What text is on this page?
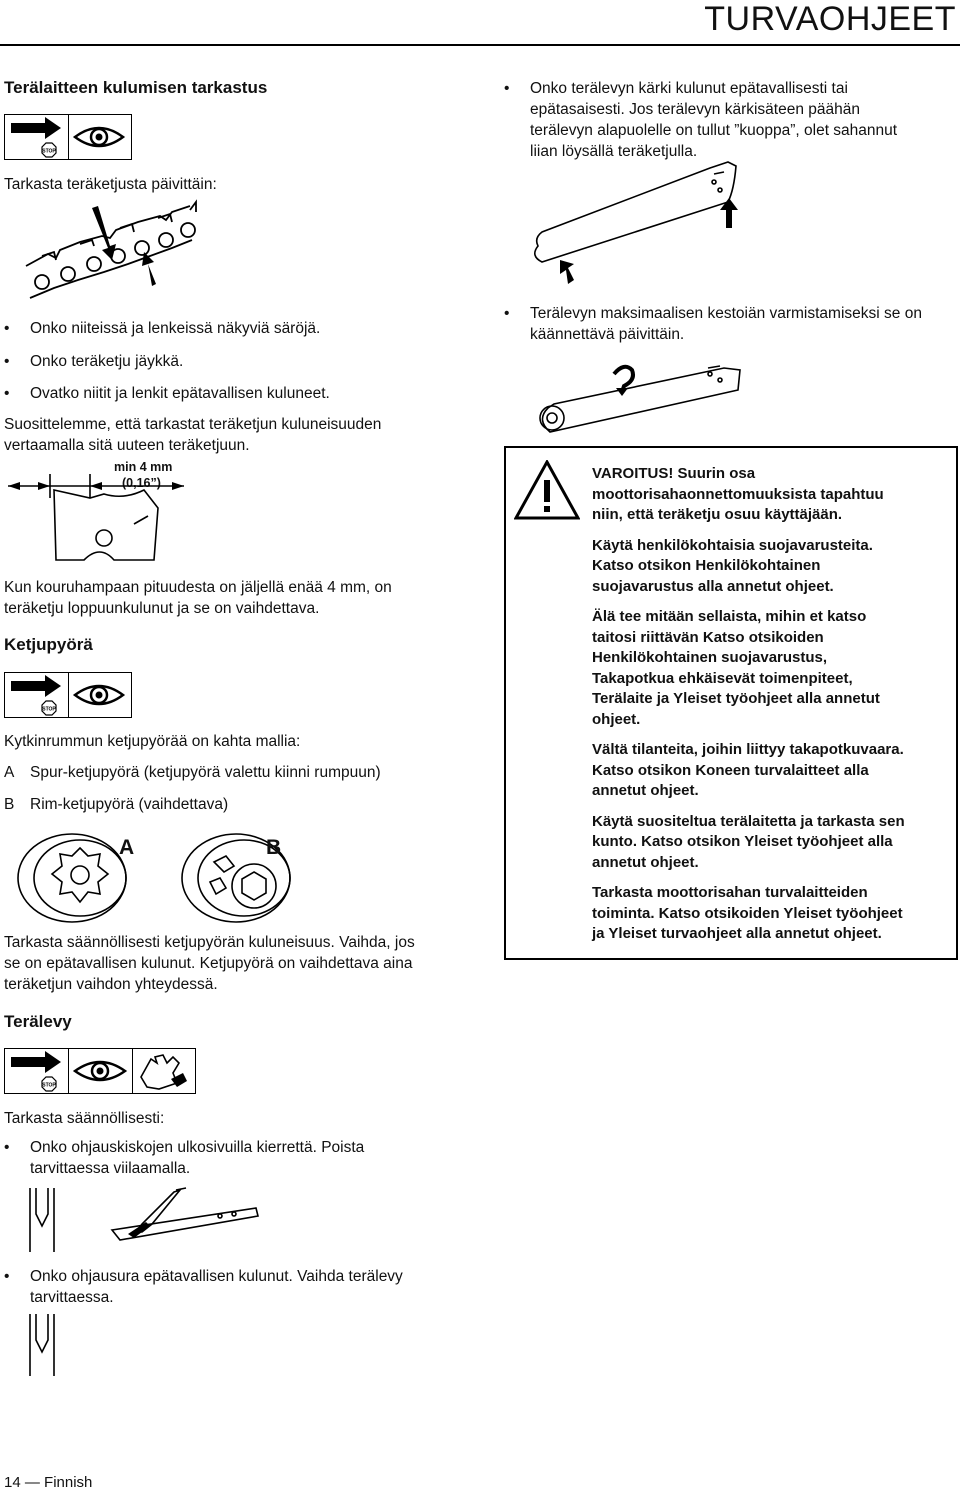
TURVAOHJEET
Terälaitteen kulumisen tarkastus
STOP
Tarkasta teräketjusta päivittäin:
• Onko niiteissä ja lenkeissä näkyviä säröjä.
• Onko teräketju jäykkä.
• Ovatko niitit ja lenkit epätavallisen kuluneet.
Suosittelemme, että tarkastat teräketjun kuluneisuuden
vertaamalla sitä uuteen teräketjuun.
min 4 mm
(0,16”)
Kun kouruhampaan pituudesta on jäljellä enää 4 mm, on
teräketju loppuunkulunut ja se on vaihdettava.
Ketjupyörä
STOP
Kytkinrummun ketjupyörää on kahta mallia:
A Spur-ketjupyörä (ketjupyörä valettu kiinni rumpuun)
B Rim-ketjupyörä (vaihdettava)
A	B
Tarkasta säännöllisesti ketjupyörän kuluneisuus. Vaihda, jos
se on epätavallisen kulunut. Ketjupyörä on vaihdettava aina
teräketjun vaihdon yhteydessä.
Terälevy
STOP
Tarkasta säännöllisesti:
• Onko ohjauskiskojen ulkosivuilla kierrettä. Poista
tarvittaessa viilaamalla.
• Onko ohjausura epätavallisen kulunut. Vaihda terälevy
tarvittaessa.
• Onko terälevyn kärki kulunut epätavallisesti tai
epätasaisesti. Jos terälevyn kärkisäteen päähän
terälevyn alapuolelle on tullut ”kuoppa”, olet sahannut
liian löysällä teräketjulla.
• Terälevyn maksimaalisen kestoiän varmistamiseksi se on
käännettävä päivittäin.
VAROITUS! Suurin osa
moottorisahaonnettomuuksista tapahtuu
niin, että teräketju osuu käyttäjään.
Käytä henkilökohtaisia suojavarusteita.
Katso otsikon Henkilökohtainen
suojavarustus alla annetut ohjeet.
Älä tee mitään sellaista, mihin et katso
taitosi riittävän Katso otsikoiden
Henkilökohtainen suojavarustus,
Takapotkua ehkäisevät toimenpiteet,
Terälaite ja Yleiset työohjeet alla annetut
ohjeet.
Vältä tilanteita, joihin liittyy takapotkuvaara.
Katso otsikon Koneen turvalaitteet alla
annetut ohjeet.
Käytä suositeltua terälaitetta ja tarkasta sen
kunto. Katso otsikon Yleiset työohjeet alla
annetut ohjeet.
Tarkasta moottorisahan turvalaitteiden
toiminta. Katso otsikoiden Yleiset työohjeet
ja Yleiset turvaohjeet alla annetut ohjeet.
14 — Finnish
